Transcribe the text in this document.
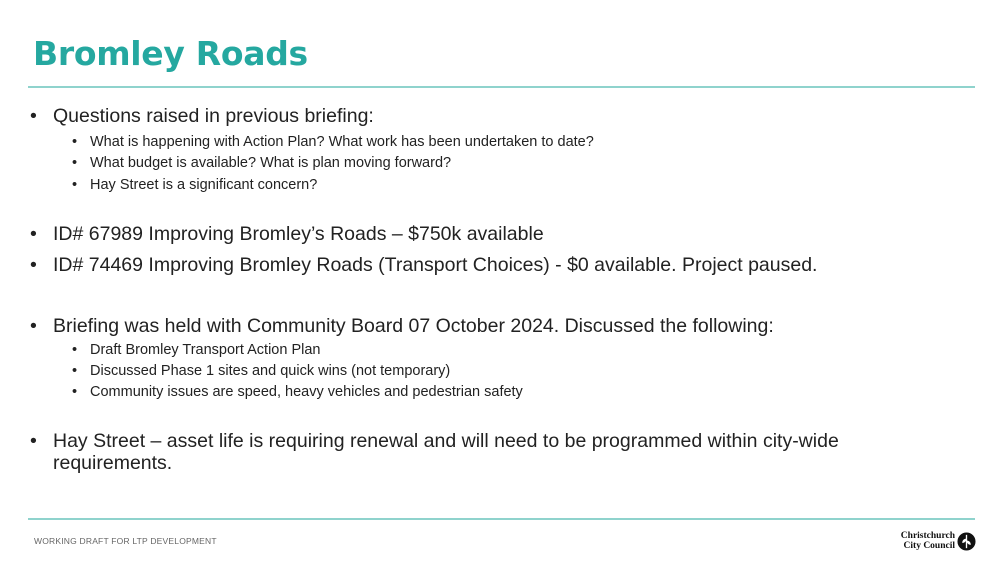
Bromley Roads
• Questions raised in previous briefing:
• What is happening with Action Plan? What work has been undertaken to date?
• What budget is available? What is plan moving forward?
• Hay Street is a significant concern?
• ID# 67989 Improving Bromley’s Roads – $750k available
• ID# 74469 Improving Bromley Roads (Transport Choices) - $0 available. Project paused.
• Briefing was held with Community Board 07 October 2024. Discussed the following:
• Draft Bromley Transport Action Plan
• Discussed Phase 1 sites and quick wins (not temporary)
• Community issues are speed, heavy vehicles and pedestrian safety
• Hay Street – asset life is requiring renewal and will need to be programmed within city-wide requirements.
WORKING DRAFT FOR LTP DEVELOPMENT	Christchurch
City Council
